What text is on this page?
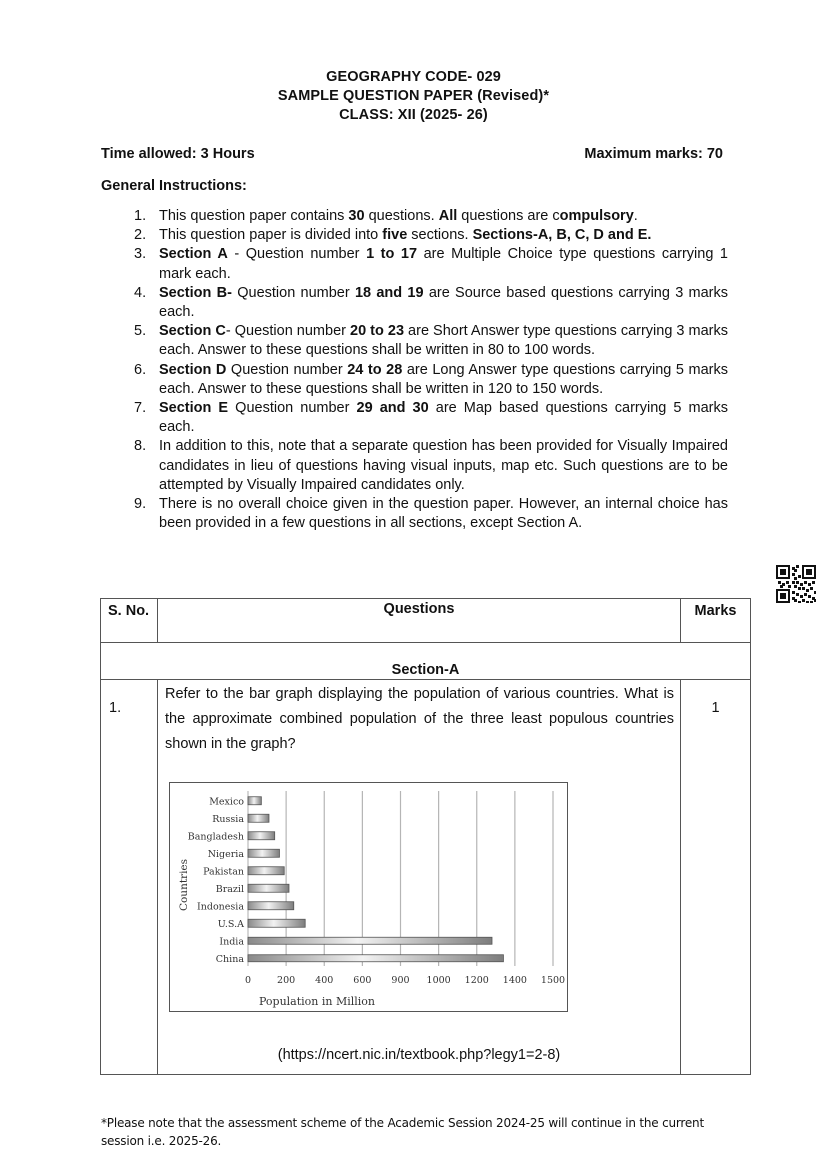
GEOGRAPHY CODE- 029
SAMPLE QUESTION PAPER (Revised)*
CLASS: XII (2025- 26)
Time allowed: 3 Hours	Maximum marks: 70
General Instructions:
1. This question paper contains 30 questions. All questions are compulsory.
2. This question paper is divided into five sections. Sections-A, B, C, D and E.
3. Section A - Question number 1 to 17 are Multiple Choice type questions carrying 1 mark each.
4. Section B- Question number 18 and 19 are Source based questions carrying 3 marks each.
5. Section C- Question number 20 to 23 are Short Answer type questions carrying 3 marks each. Answer to these questions shall be written in 80 to 100 words.
6. Section D Question number 24 to 28 are Long Answer type questions carrying 5 marks each. Answer to these questions shall be written in 120 to 150 words.
7. Section E Question number 29 and 30 are Map based questions carrying 5 marks each.
8. In addition to this, note that a separate question has been provided for Visually Impaired candidates in lieu of questions having visual inputs, map etc. Such questions are to be attempted by Visually Impaired candidates only.
9. There is no overall choice given in the question paper. However, an internal choice has been provided in a few questions in all sections, except Section A.
S. No.	Questions	Marks

Section-A		

1.	
Refer to the bar graph displaying the population of various countries. What is the approximate combined population of the three least populous countries shown in the graph?
Mexico
Russia
Bangladesh
Nigeria
Pakistan
Brazil
Indonesia
U.S.A
India
China
0	200 400 600 900 1000 1200 1400 1500
Population in Million
Countries
(https://ncert.nic.in/textbook.php?legy1=2-8)
	1
*Please note that the assessment scheme of the Academic Session 2024-25 will continue in the current session i.e. 2025-26.
